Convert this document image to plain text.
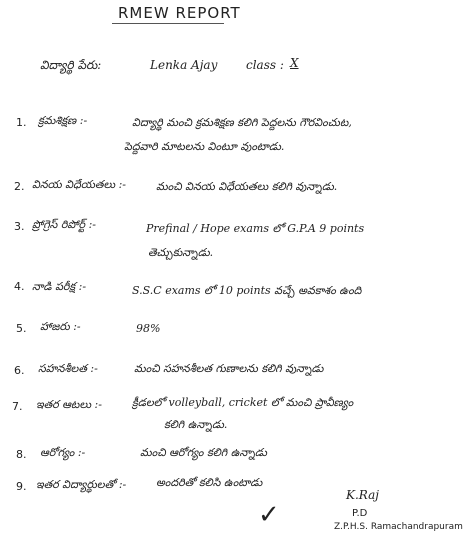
RMEW REPORT
విద్యార్థి పేరు:	Lenka Ajay class : X
1. క్రమశిక్షణ :-	విద్యార్థి మంచి క్రమశిక్షణ కలిగి పెద్దలను గౌరవించుట,
పెద్దవారి మాటలను వింటూ వుంటాడు.
2. వినయ విధేయతలు :-	మంచి వినయ విధేయతలు కలిగి వున్నాడు.
3. ప్రోగ్రెస్ రిపోర్ట్ :-	Prefinal / Hope exams లో G.P.A 9 points
తెచ్చుకున్నాడు.
4. నాడి పరీక్ష :-	S.S.C exams లో 10 points వచ్చే అవకాశం ఉంది
5. హాజరు :-	98%
6. సహనశీలత :-	మంచి సహనశీలత గుణాలను కలిగి వున్నాడు
7. ఇతర ఆటలు :-	క్రీడలలో volleyball, cricket లో మంచి ప్రావీణ్యం
కలిగి ఉన్నాడు.
8. ఆరోగ్యం :-	మంచి ఆరోగ్యం కలిగి ఉన్నాడు
9. ఇతర విద్యార్థులతో :-	అందరితో కలిసి ఉంటాడు
✓
K.Raj
P.D
Z.P.H.S. Ramachandrapuram
